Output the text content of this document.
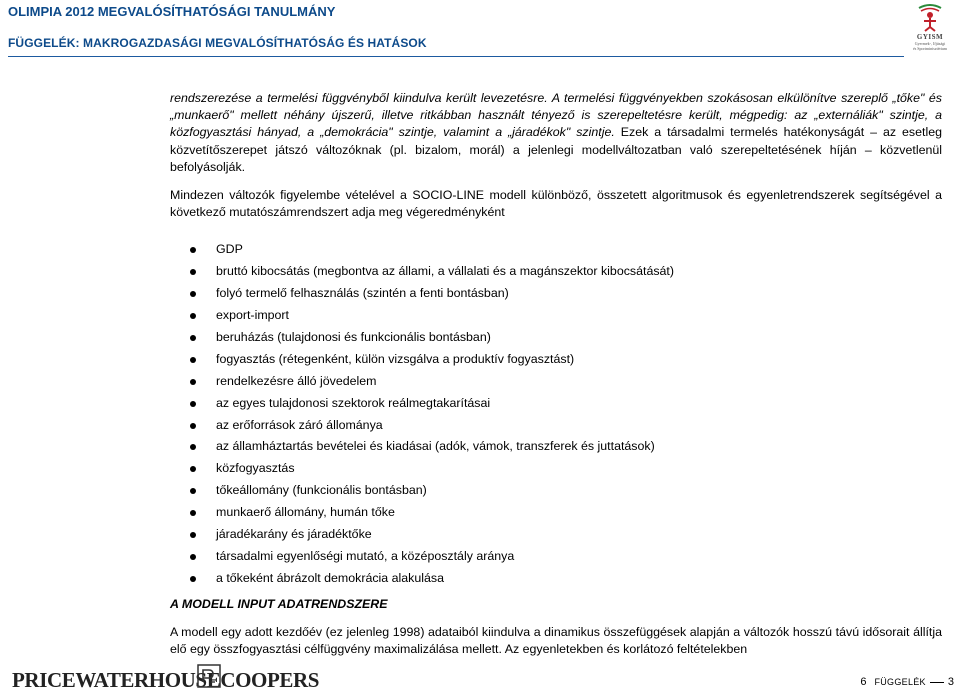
OLIMPIA 2012 MEGVALÓSÍTHATÓSÁGI TANULMÁNY
FÜGGELÉK: MAKROGAZDASÁGI MEGVALÓSÍTHATÓSÁG ÉS HATÁSOK	GYISM
Gyermek-, Ifjúsági
és Sportminisztérium

rendszerezése a termelési függvényből kiindulva került levezetésre. A termelési függvényekben szokásosan elkülönítve szereplő „tőke" és „munkaerő" mellett néhány újszerű, illetve ritkábban használt tényező is szerepeltetésre került, mégpedig: az „externáliák" szintje, a közfogyasztási hányad, a „demokrácia" szintje, valamint a „járadékok" szintje. Ezek a társadalmi termelés hatékonyságát – az esetleg közvetítőszerepet játszó változóknak (pl. bizalom, morál) a jelenlegi modellváltozatban való szerepeltetésének híján – közvetlenül befolyásolják.

Mindezen változók figyelembe vételével a SOCIO-LINE modell különböző, összetett algoritmusok és egyenletrendszerek segítségével a következő mutatószámrendszert adja meg végeredményként

GDP
bruttó kibocsátás (megbontva az állami, a vállalati és a magánszektor kibocsátását)
folyó termelő felhasználás (szintén a fenti bontásban)
export-import
beruházás (tulajdonosi és funkcionális bontásban)
fogyasztás (rétegenként, külön vizsgálva a produktív fogyasztást)
rendelkezésre álló jövedelem
az egyes tulajdonosi szektorok reálmegtakarításai
az erőforrások záró állománya
az államháztartás bevételei és kiadásai (adók, vámok, transzferek és juttatások)
közfogyasztás
tőkeállomány (funkcionális bontásban)
munkaerő állomány, humán tőke
járadékarány és járadéktőke
társadalmi egyenlőségi mutató, a középosztály aránya
a tőkeként ábrázolt demokrácia alakulása

A MODELL INPUT ADATRENDSZERE

A modell egy adott kezdőév (ez jelenleg 1998) adataiból kiindulva a dinamikus összefüggések alapján a változók hosszú távú idősorait állítja elő egy összfogyasztási célfüggvény maximalizálása mellett. Az egyenletekben és korlátozó feltételekben

PRICEWATERHOUSECOOPERS	6 FÜGGELÉK 3
